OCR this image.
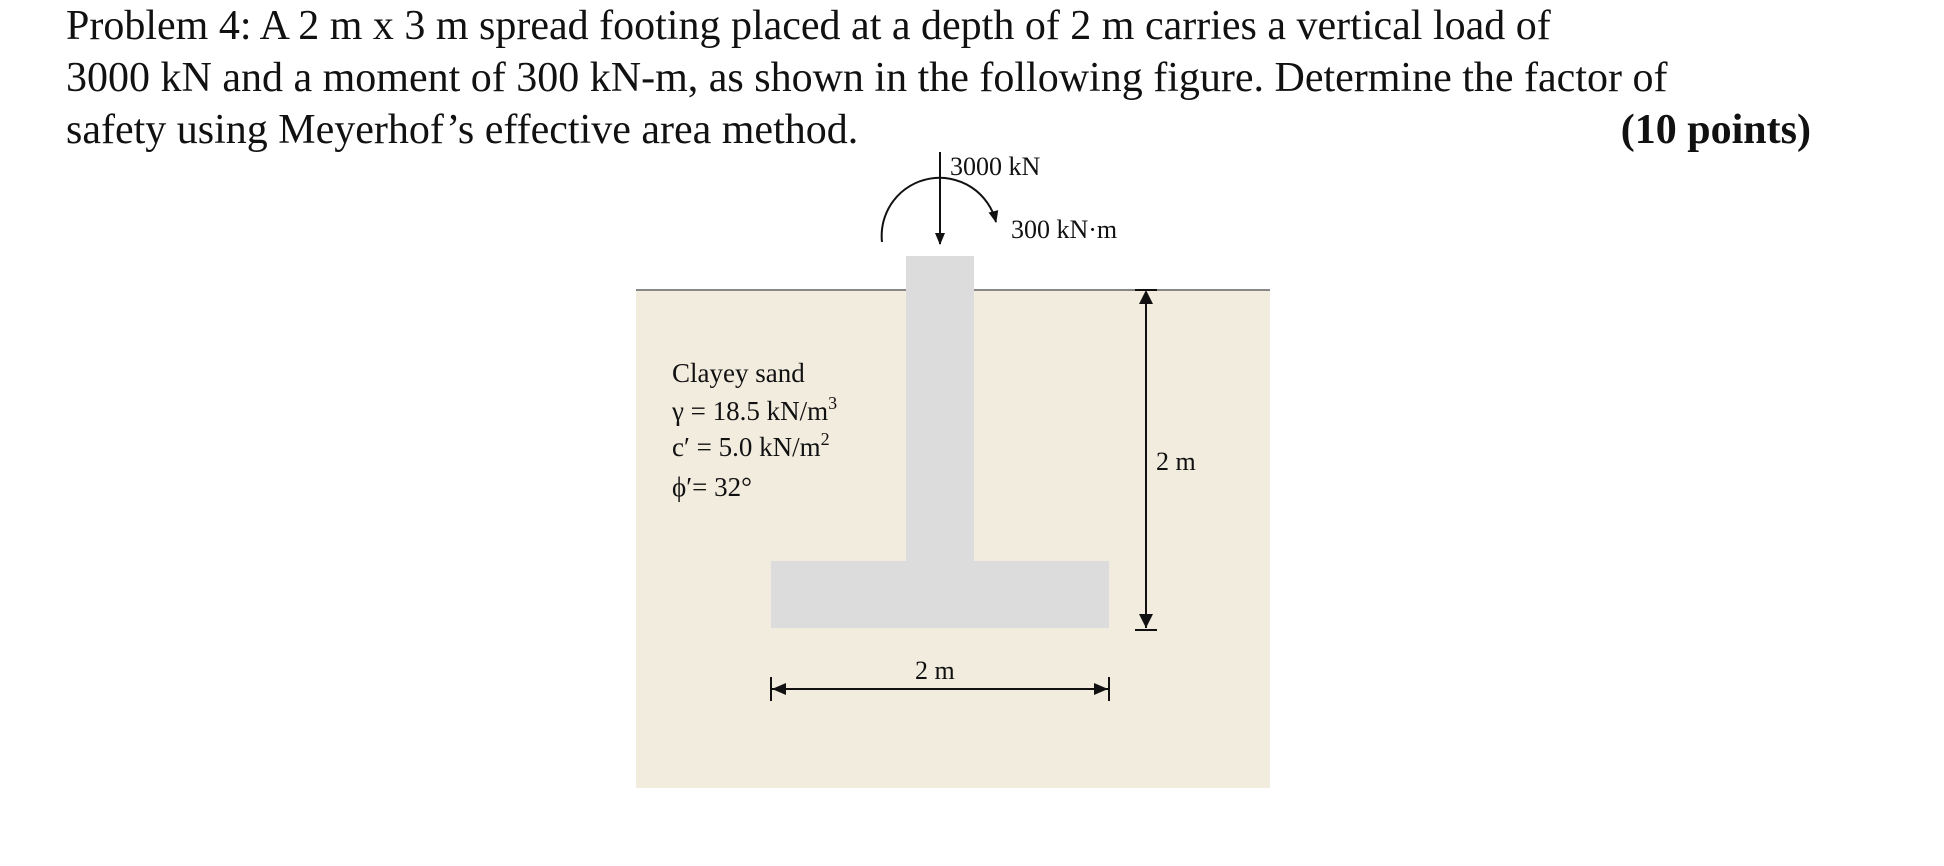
Problem 4: A 2 m x 3 m spread footing placed at a depth of 2 m carries a vertical load of
3000 kN and a moment of 300 kN-m, as shown in the following figure. Determine the factor of
safety using Meyerhof’s effective area method.	(10 points)
3000 kN
300 kN·m
Clayey sand
γ = 18.5 $kN/m^3$
c′ = 5.0 $kN/m^2$
ϕ′= 32°
2 m
2 m
